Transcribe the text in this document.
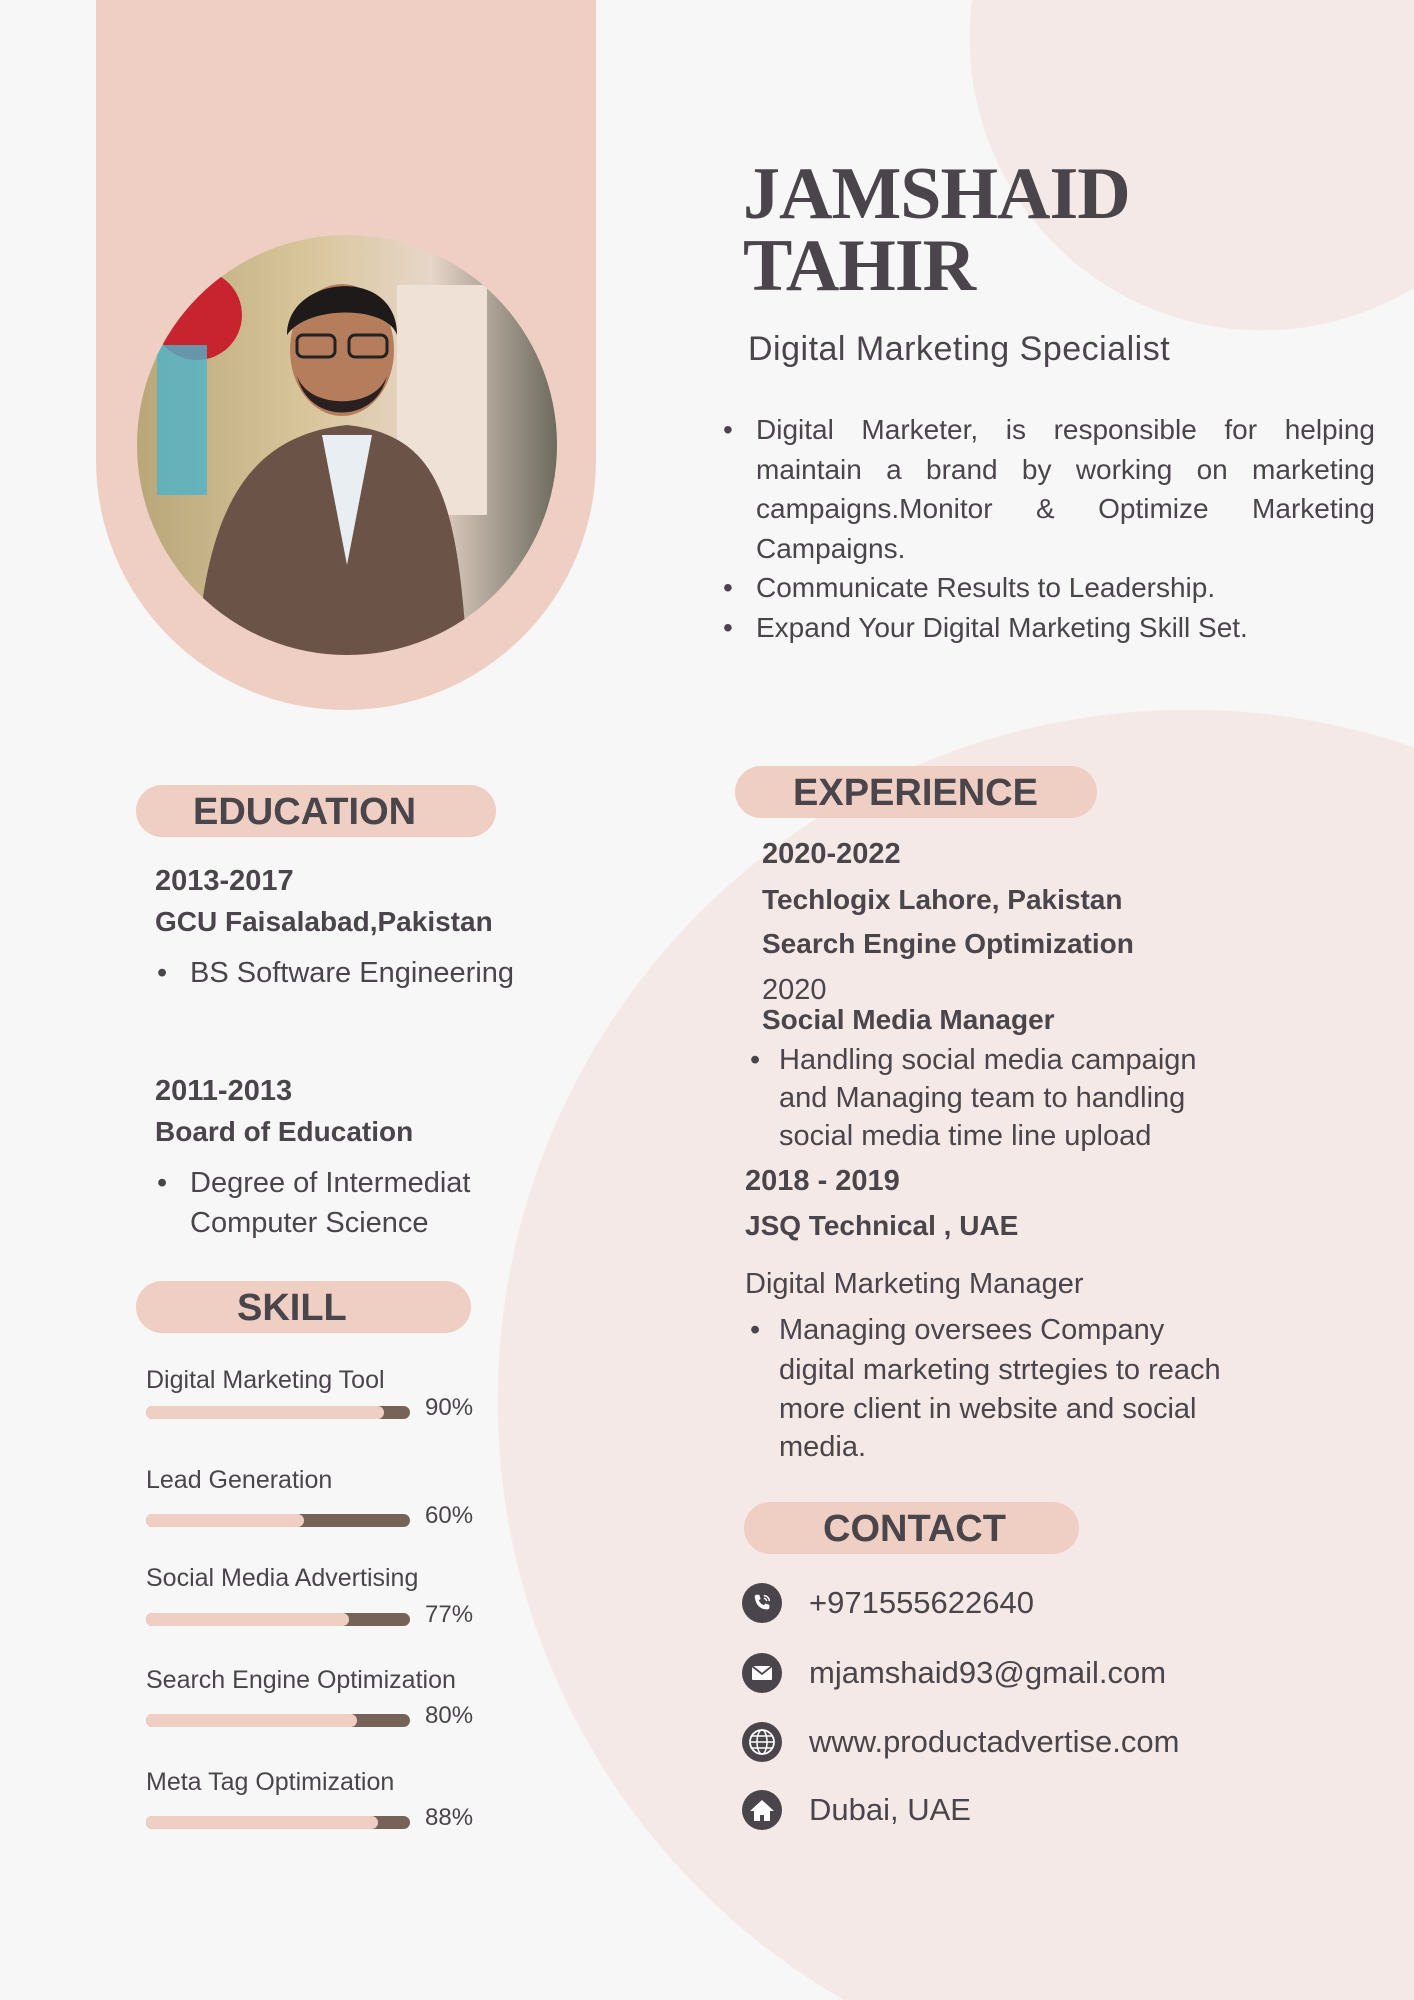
JAMSHAID
TAHIR
Digital Marketing Specialist
• Digital Marketer, is responsible for helping maintain a brand by working on marketing campaigns.Monitor & Optimize Marketing Campaigns.
• Communicate Results to Leadership.
• Expand Your Digital Marketing Skill Set.
EDUCATION
2013-2017
GCU Faisalabad,Pakistan
• BS Software Engineering
2011-2013
Board of Education
• Degree of Intermediat
Computer Science
SKILL
Digital Marketing Tool
90%
Lead Generation
60%
Social Media Advertising
77%
Search Engine Optimization
80%
Meta Tag Optimization
88%
EXPERIENCE
2020-2022
Techlogix Lahore, Pakistan
Search Engine Optimization
2020
Social Media Manager
• Handling social media campaign
and Managing team to handling
social media time line upload
2018 - 2019
JSQ Technical , UAE
Digital Marketing Manager
• Managing oversees Company
digital marketing strtegies to reach
more client in website and social
media.
CONTACT
+971555622640
mjamshaid93@gmail.com
www.productadvertise.com
Dubai, UAE
